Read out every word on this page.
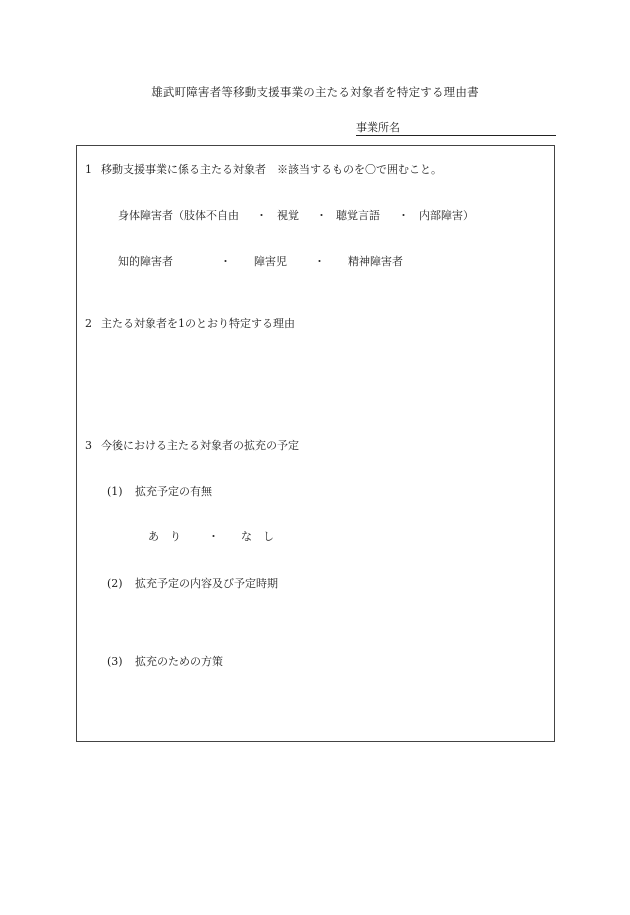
雄武町障害者等移動支援事業の主たる対象者を特定する理由書
事業所名
1 移動支援事業に係る主たる対象者　※該当するものを〇で囲むこと。
身体障害者（肢体不自由 ・ 視覚 ・ 聴覚言語 ・ 内部障害）
知的障害者	・ 障害児 ・ 精神障害者
2 主たる対象者を1のとおり特定する理由
3 今後における主たる対象者の拡充の予定
(1) 拡充予定の有無
あ　り ・ な　し
(2) 拡充予定の内容及び予定時期
(3) 拡充のための方策
